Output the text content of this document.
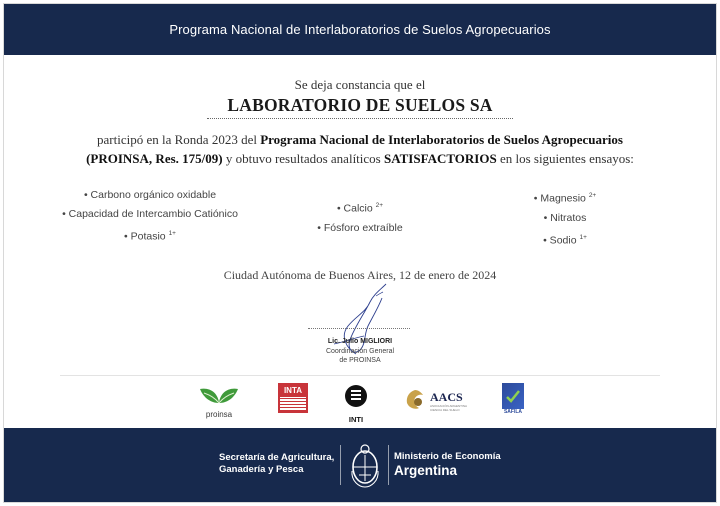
Programa Nacional de Interlaboratorios de Suelos Agropecuarios
Se deja constancia que el
LABORATORIO DE SUELOS SA
participó en la Ronda 2023 del Programa Nacional de Interlaboratorios de Suelos Agropecuarios
(PROINSA, Res. 175/09) y obtuvo resultados analíticos SATISFACTORIOS en los siguientes ensayos:
• Carbono orgánico oxidable
• Capacidad de Intercambio Catiónico
• Potasio $^{1+}$
• Calcio $^{2+}$
• Fósforo extraíble
• Magnesio $^{2+}$
• Nitratos
• Sodio $^{1+}$
Ciudad Autónoma de Buenos Aires, 12 de enero de 2024
Lic. Julio MIGLIORI
Coordinación General
de PROINSA
proinsa
INTA
INTI
AACS
ASOCIACIÓN ARGENTINA
CIENCIA DEL SUELO	SAFILA
Secretaría de Agricultura,
Ganadería y Pesca
Ministerio de Economía
Argentina
